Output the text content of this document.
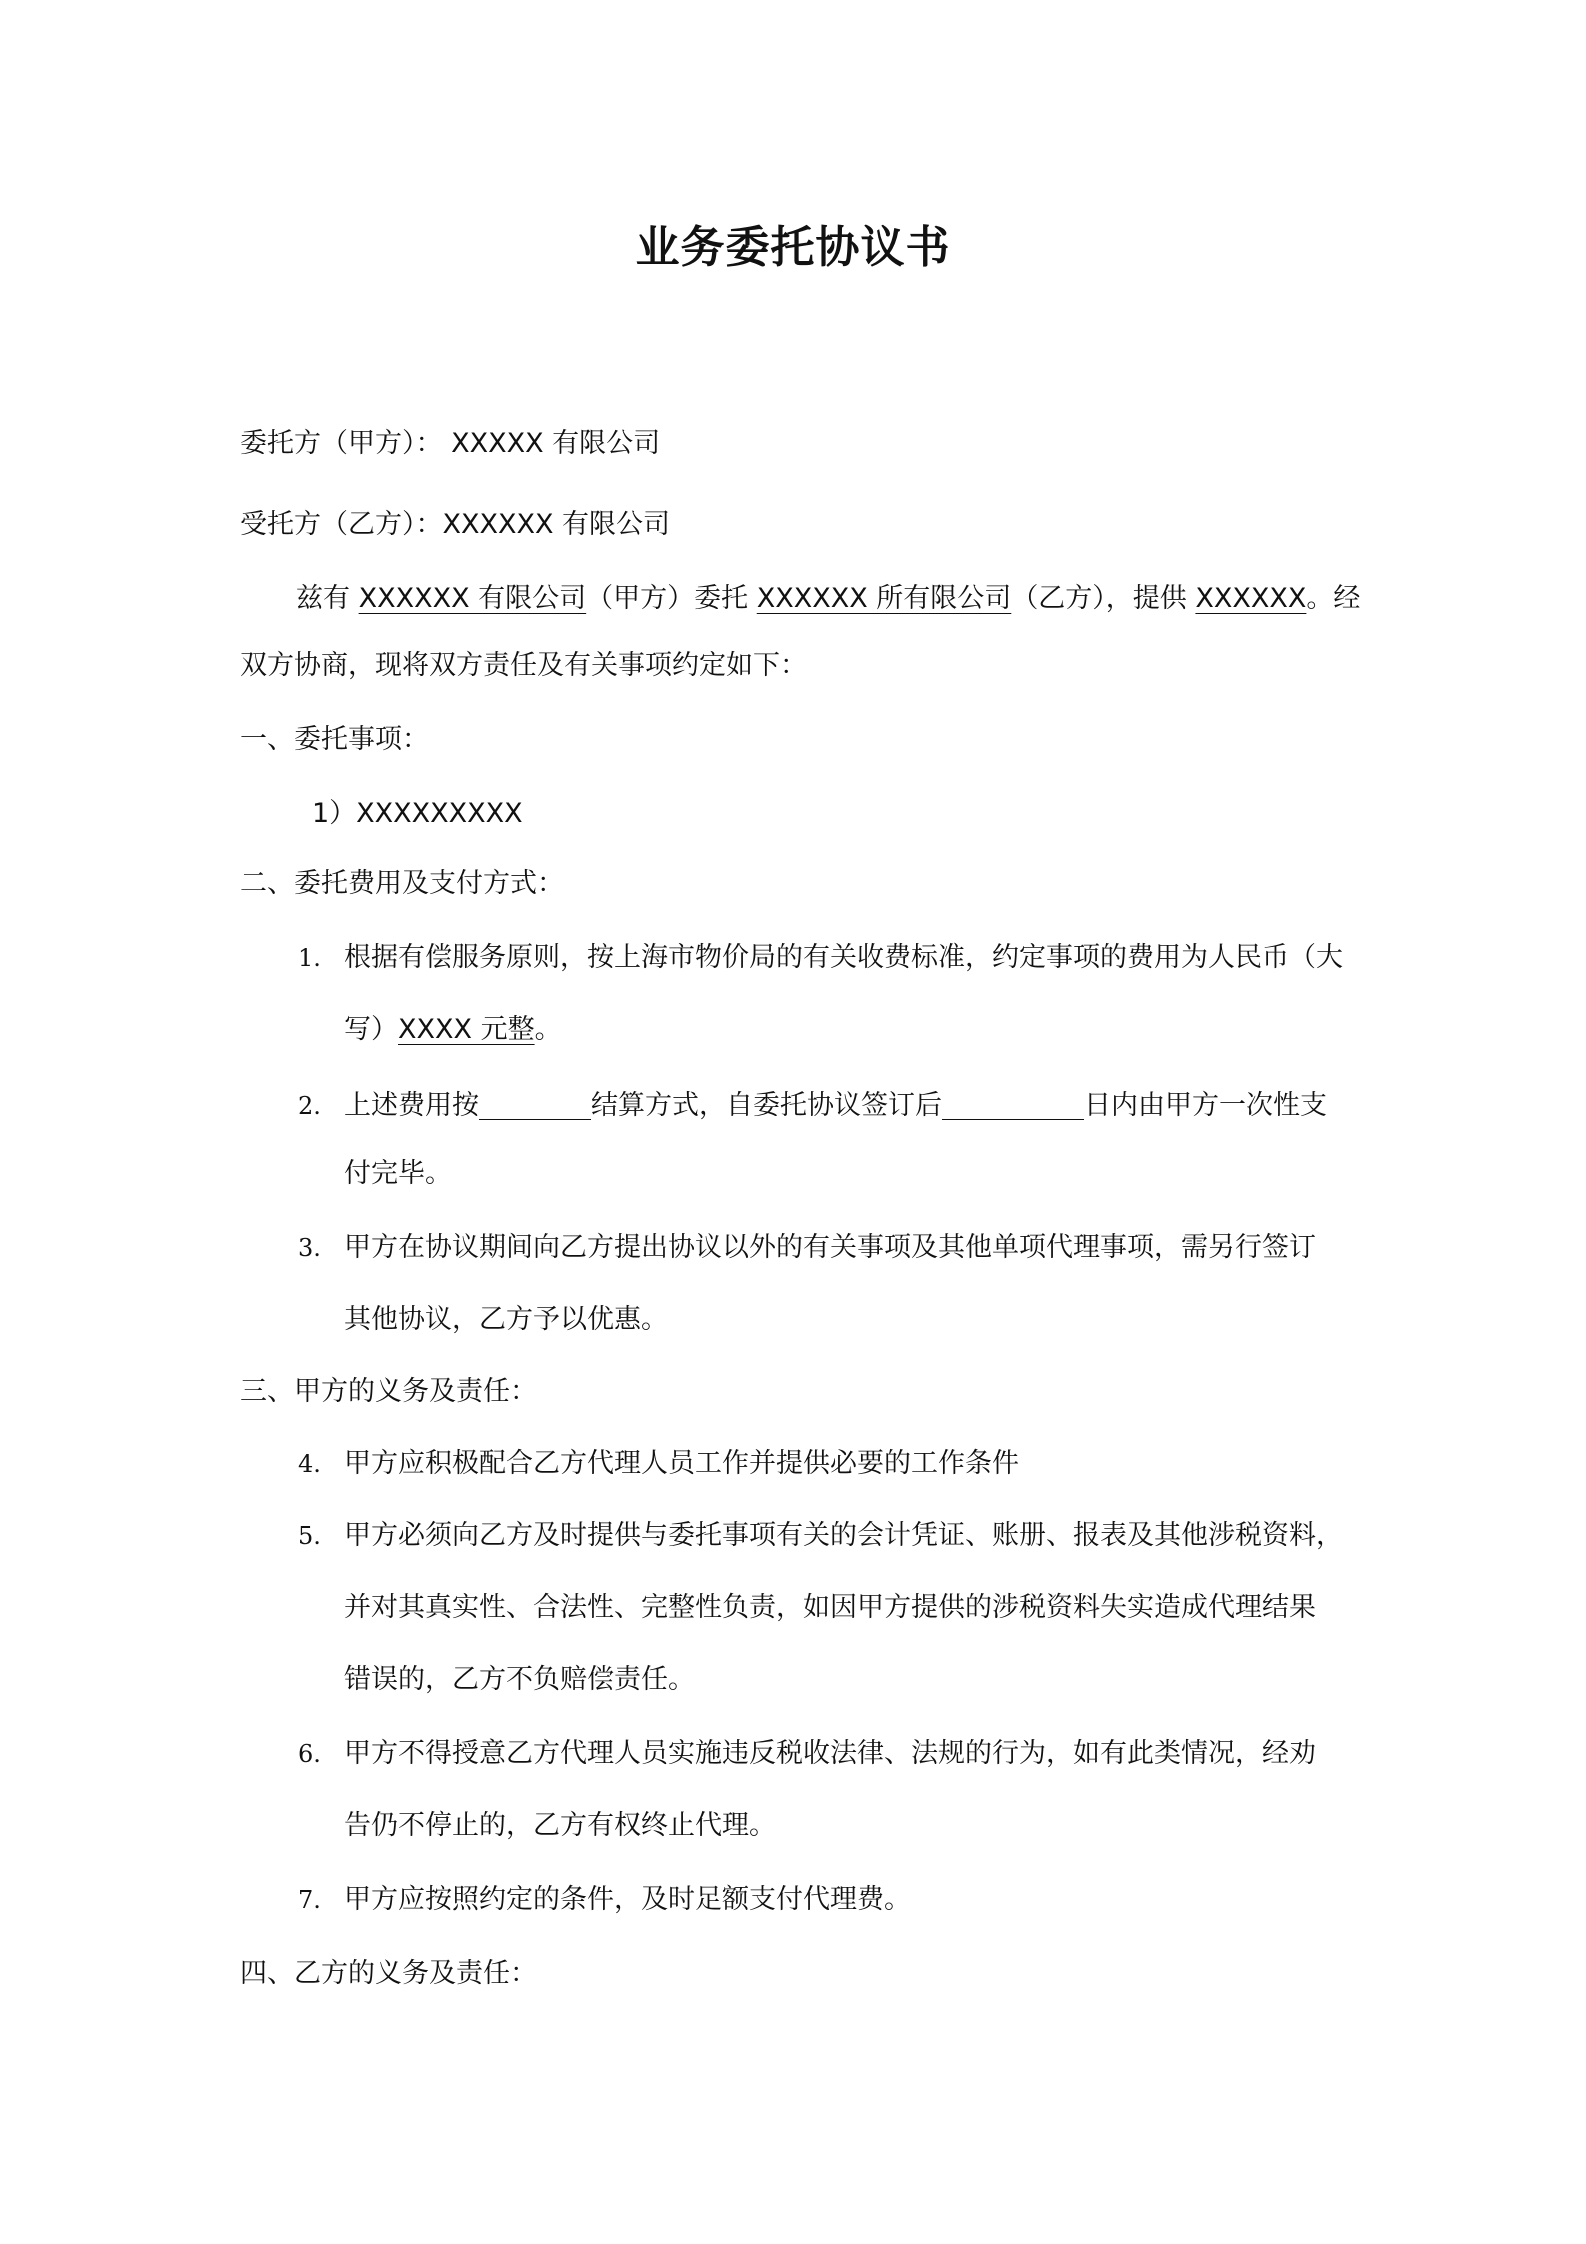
业务委托协议书
委托方（甲方）： XXXXX 有限公司
受托方（乙方）：XXXXXX 有限公司
兹有 XXXXXX 有限公司（甲方）委托 XXXXXX 所有限公司（乙方），提供 XXXXXX。经
双方协商，现将双方责任及有关事项约定如下：
一、委托事项：
1）XXXXXXXXX
二、委托费用及支付方式：
1. 根据有偿服务原则，按上海市物价局的有关收费标准，约定事项的费用为人民币（大
写）XXXX 元整。
2. 上述费用按	结算方式，自委托协议签订后	日内由甲方一次性支
付完毕。
3. 甲方在协议期间向乙方提出协议以外的有关事项及其他单项代理事项，需另行签订
其他协议，乙方予以优惠。
三、甲方的义务及责任：
4. 甲方应积极配合乙方代理人员工作并提供必要的工作条件
5. 甲方必须向乙方及时提供与委托事项有关的会计凭证、账册、报表及其他涉税资料，
并对其真实性、合法性、完整性负责，如因甲方提供的涉税资料失实造成代理结果
错误的，乙方不负赔偿责任。
6. 甲方不得授意乙方代理人员实施违反税收法律、法规的行为，如有此类情况，经劝
告仍不停止的，乙方有权终止代理。
7. 甲方应按照约定的条件，及时足额支付代理费。
四、乙方的义务及责任：
